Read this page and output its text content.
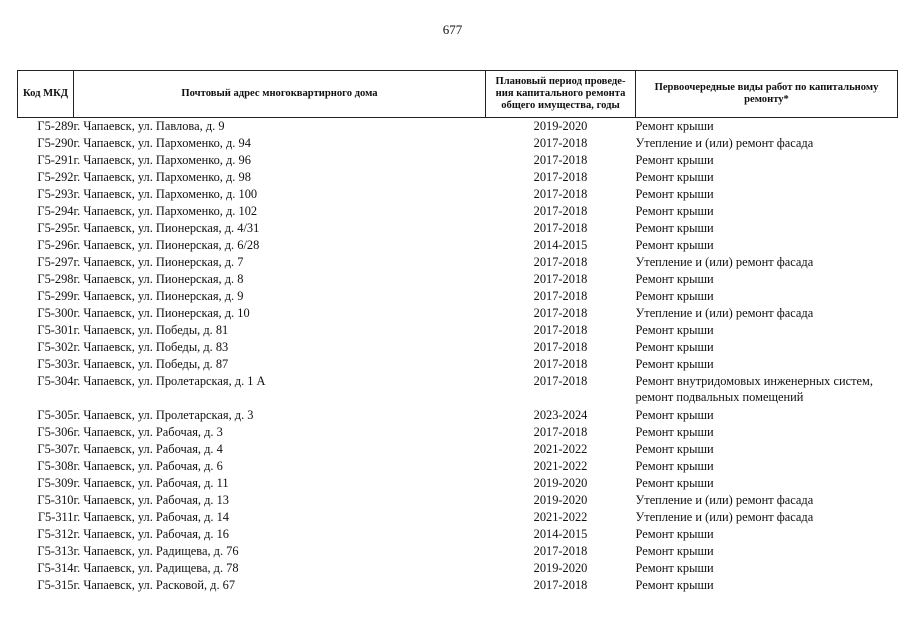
677
Код МКД	Почтовый адрес многоквартирного дома	Плановый период проведе-ния капитального ремонта общего имущества, годы	Первоочередные виды работ по капитальному ремонту*
Г5-289	г. Чапаевск, ул. Павлова, д. 9	2019-2020	Ремонт крыши

Г5-290	г. Чапаевск, ул. Пархоменко, д. 94	2017-2018	Утепление и (или) ремонт фасада

Г5-291	г. Чапаевск, ул. Пархоменко, д. 96	2017-2018	Ремонт крыши

Г5-292	г. Чапаевск, ул. Пархоменко, д. 98	2017-2018	Ремонт крыши

Г5-293	г. Чапаевск, ул. Пархоменко, д. 100	2017-2018	Ремонт крыши

Г5-294	г. Чапаевск, ул. Пархоменко, д. 102	2017-2018	Ремонт крыши

Г5-295	г. Чапаевск, ул. Пионерская, д. 4/31	2017-2018	Ремонт крыши

Г5-296	г. Чапаевск, ул. Пионерская, д. 6/28	2014-2015	Ремонт крыши

Г5-297	г. Чапаевск, ул. Пионерская, д. 7	2017-2018	Утепление и (или) ремонт фасада

Г5-298	г. Чапаевск, ул. Пионерская, д. 8	2017-2018	Ремонт крыши

Г5-299	г. Чапаевск, ул. Пионерская, д. 9	2017-2018	Ремонт крыши

Г5-300	г. Чапаевск, ул. Пионерская, д. 10	2017-2018	Утепление и (или) ремонт фасада

Г5-301	г. Чапаевск, ул. Победы, д. 81	2017-2018	Ремонт крыши

Г5-302	г. Чапаевск, ул. Победы, д. 83	2017-2018	Ремонт крыши

Г5-303	г. Чапаевск, ул. Победы, д. 87	2017-2018	Ремонт крыши

Г5-304	г. Чапаевск, ул. Пролетарская, д. 1 А	2017-2018	Ремонт внутридомовых инженерных систем,
ремонт подвальных помещений

Г5-305	г. Чапаевск, ул. Пролетарская, д. 3	2023-2024	Ремонт крыши

Г5-306	г. Чапаевск, ул. Рабочая, д. 3	2017-2018	Ремонт крыши

Г5-307	г. Чапаевск, ул. Рабочая, д. 4	2021-2022	Ремонт крыши

Г5-308	г. Чапаевск, ул. Рабочая, д. 6	2021-2022	Ремонт крыши

Г5-309	г. Чапаевск, ул. Рабочая, д. 11	2019-2020	Ремонт крыши

Г5-310	г. Чапаевск, ул. Рабочая, д. 13	2019-2020	Утепление и (или) ремонт фасада

Г5-311	г. Чапаевск, ул. Рабочая, д. 14	2021-2022	Утепление и (или) ремонт фасада

Г5-312	г. Чапаевск, ул. Рабочая, д. 16	2014-2015	Ремонт крыши

Г5-313	г. Чапаевск, ул. Радищева, д. 76	2017-2018	Ремонт крыши

Г5-314	г. Чапаевск, ул. Радищева, д. 78	2019-2020	Ремонт крыши

Г5-315	г. Чапаевск, ул. Расковой, д. 67	2017-2018	Ремонт крыши
